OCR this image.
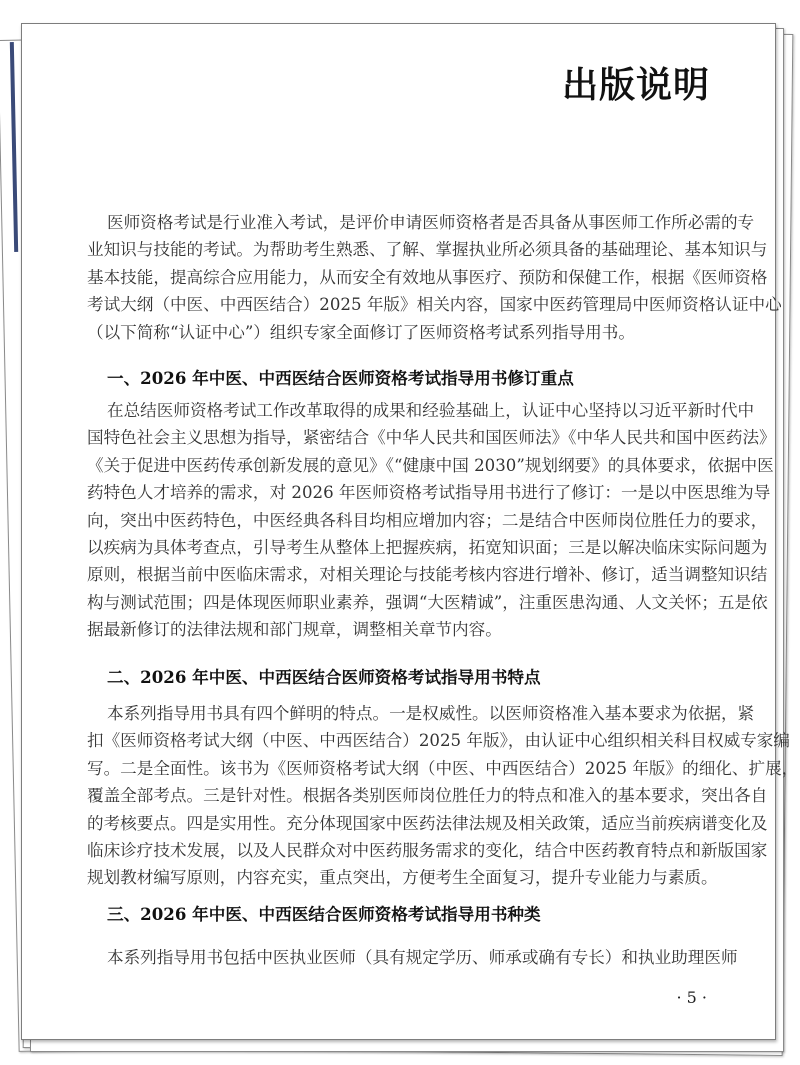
出版说明
· 5 ·
医师资格考试是行业准入考试，是评价申请医师资格者是否具备从事医师工作所必需的专
业知识与技能的考试。为帮助考生熟悉、了解、掌握执业所必须具备的基础理论、基本知识与
基本技能，提高综合应用能力，从而安全有效地从事医疗、预防和保健工作，根据《医师资格
考试大纲（中医、中西医结合）2025 年版》相关内容，国家中医药管理局中医师资格认证中心
（以下简称“认证中心”）组织专家全面修订了医师资格考试系列指导用书。
一、2026 年中医、中西医结合医师资格考试指导用书修订重点
在总结医师资格考试工作改革取得的成果和经验基础上，认证中心坚持以习近平新时代中
国特色社会主义思想为指导，紧密结合《中华人民共和国医师法》《中华人民共和国中医药法》
《关于促进中医药传承创新发展的意见》《“健康中国 2030”规划纲要》的具体要求，依据中医
药特色人才培养的需求，对 2026 年医师资格考试指导用书进行了修订：一是以中医思维为导
向，突出中医药特色，中医经典各科目均相应增加内容；二是结合中医师岗位胜任力的要求，
以疾病为具体考查点，引导考生从整体上把握疾病，拓宽知识面；三是以解决临床实际问题为
原则，根据当前中医临床需求，对相关理论与技能考核内容进行增补、修订，适当调整知识结
构与测试范围；四是体现医师职业素养，强调“大医精诚”，注重医患沟通、人文关怀；五是依
据最新修订的法律法规和部门规章，调整相关章节内容。
二、2026 年中医、中西医结合医师资格考试指导用书特点
本系列指导用书具有四个鲜明的特点。一是权威性。以医师资格准入基本要求为依据，紧
扣《医师资格考试大纲（中医、中西医结合）2025 年版》，由认证中心组织相关科目权威专家编
写。二是全面性。该书为《医师资格考试大纲（中医、中西医结合）2025 年版》的细化、扩展，
覆盖全部考点。三是针对性。根据各类别医师岗位胜任力的特点和准入的基本要求，突出各自
的考核要点。四是实用性。充分体现国家中医药法律法规及相关政策，适应当前疾病谱变化及
临床诊疗技术发展，以及人民群众对中医药服务需求的变化，结合中医药教育特点和新版国家
规划教材编写原则，内容充实，重点突出，方便考生全面复习，提升专业能力与素质。
三、2026 年中医、中西医结合医师资格考试指导用书种类
本系列指导用书包括中医执业医师（具有规定学历、师承或确有专长）和执业助理医师
